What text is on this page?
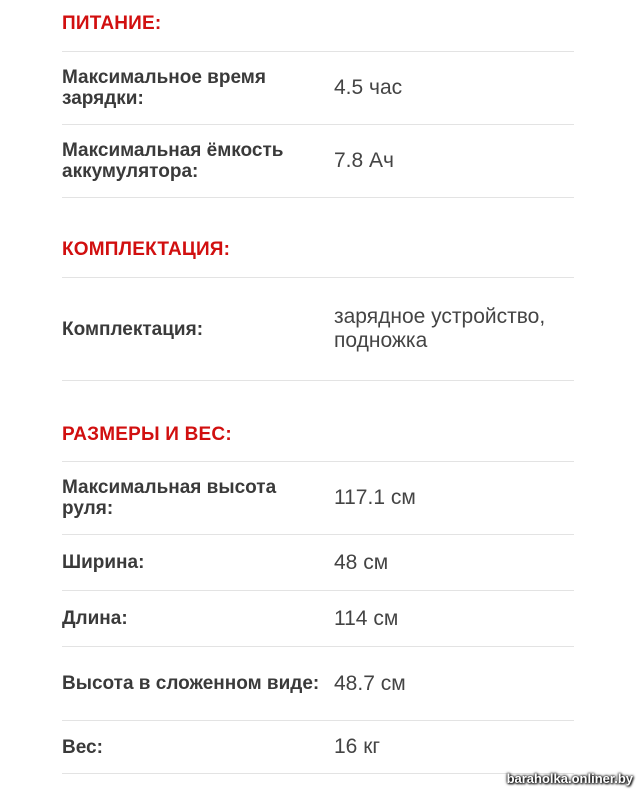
ПИТАНИЕ:
Максимальное время зарядки:	4.5 час
Максимальная ёмкость аккумулятора:	7.8 Ач
КОМПЛЕКТАЦИЯ:
Комплектация:
зарядное устройство, подножка
РАЗМЕРЫ И ВЕС:
Максимальная высота руля:	117.1 см
Ширина:	48 см
Длина:	114 см
Высота в сложенном виде: 48.7 см
Вес:	16 кг
baraholka.onliner.by
